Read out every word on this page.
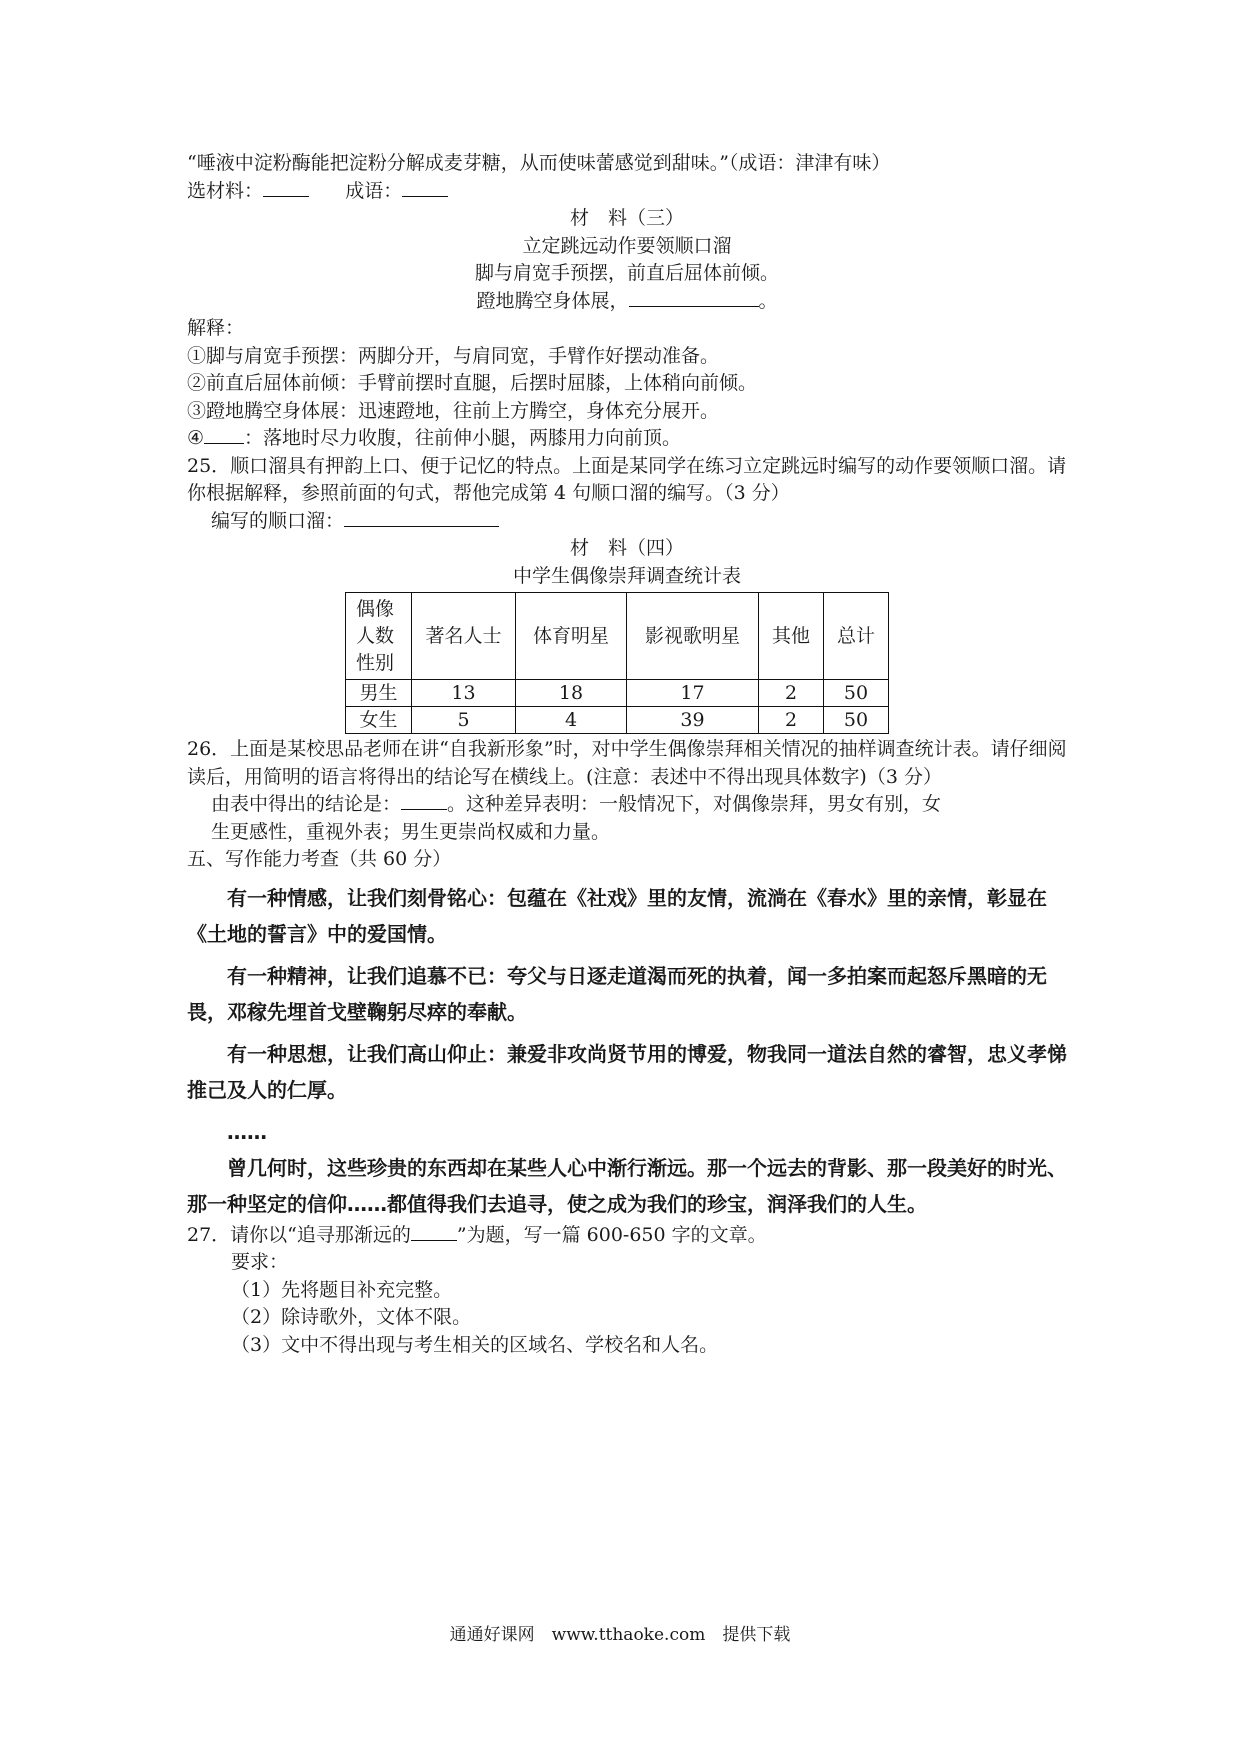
“唾液中淀粉酶能把淀粉分解成麦芽糖，从而使味蕾感觉到甜味。”（成语：津津有味）
选材料：	成语：
材　料（三）
立定跳远动作要领顺口溜
脚与肩宽手预摆，前直后屈体前倾。
蹬地腾空身体展，	。
解释：
①脚与肩宽手预摆：两脚分开，与肩同宽，手臂作好摆动准备。
②前直后屈体前倾：手臂前摆时直腿，后摆时屈膝，上体稍向前倾。
③蹬地腾空身体展：迅速蹬地，往前上方腾空，身体充分展开。
④ ：落地时尽力收腹，往前伸小腿，两膝用力向前顶。
25．顺口溜具有押韵上口、便于记忆的特点。上面是某同学在练习立定跳远时编写的动作要领顺口溜。请你根据解释，参照前面的句式，帮他完成第 4 句顺口溜的编写。（3 分）
编写的顺口溜：
材　料（四）
中学生偶像崇拜调查统计表
偶像
人数
性别	著名人士	体育明星	影视歌明星	其他	总计
男生	13	18	17	2	50
女生	5	4	39	2	50
26．上面是某校思品老师在讲“自我新形象”时，对中学生偶像崇拜相关情况的抽样调查统计表。请仔细阅读后，用简明的语言将得出的结论写在横线上。(注意：表述中不得出现具体数字)（3 分）
由表中得出的结论是： 。这种差异表明：一般情况下，对偶像崇拜，男女有别，女
生更感性，重视外表；男生更崇尚权威和力量。
五、写作能力考查（共 60 分）

有一种情感，让我们刻骨铭心：包蕴在《社戏》里的友情，流淌在《春水》里的亲情，彰显在《土地的誓言》中的爱国情。

有一种精神，让我们追慕不已：夸父与日逐走道渴而死的执着，闻一多拍案而起怒斥黑暗的无畏，邓稼先埋首戈壁鞠躬尽瘁的奉献。

有一种思想，让我们高山仰止：兼爱非攻尚贤节用的博爱，物我同一道法自然的睿智，忠义孝悌推己及人的仁厚。

……

曾几何时，这些珍贵的东西却在某些人心中渐行渐远。那一个远去的背影、那一段美好的时光、那一种坚定的信仰……都值得我们去追寻，使之成为我们的珍宝，润泽我们的人生。

27．请你以“追寻那渐远的 ”为题，写一篇 600-650 字的文章。
要求：
（1）先将题目补充完整。
（2）除诗歌外，文体不限。
（3）文中不得出现与考生相关的区域名、学校名和人名。
通通好课网　www.tthaoke.com　提供下载
